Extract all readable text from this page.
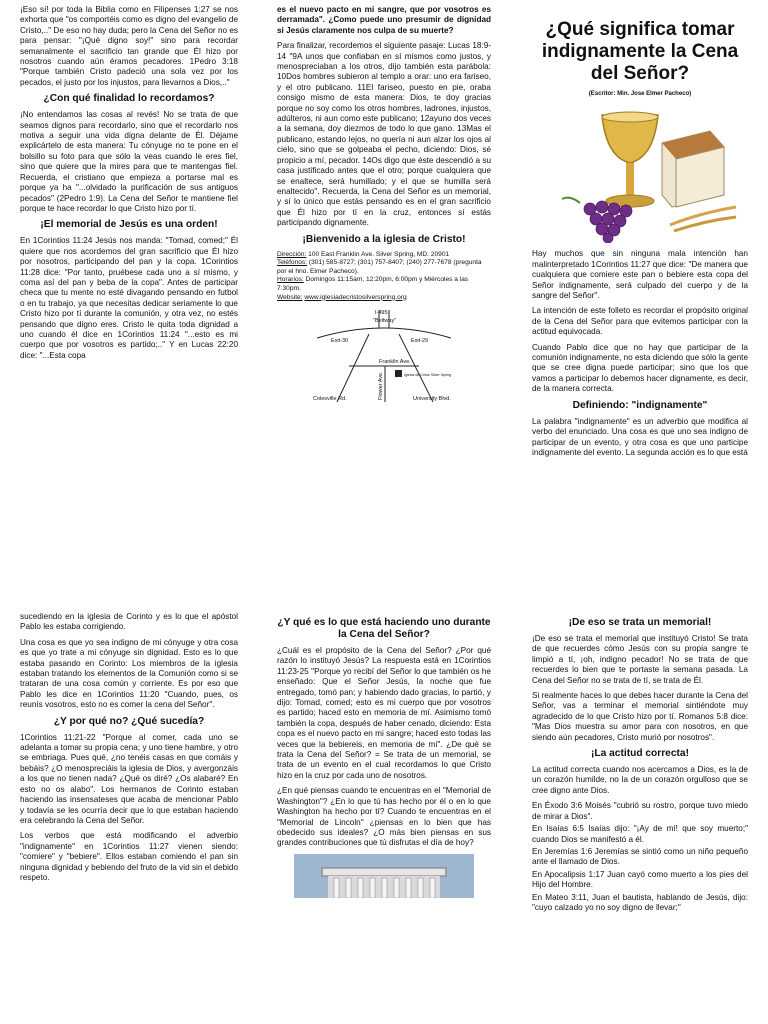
¡Eso sí! por toda la Biblia como en Filipenses 1:27 se nos exhorta que "os comportéis como es digno del evangelio de Cristo,.." De eso no hay duda; pero la Cena del Señor no es para pensar: "¡Qué digno soy!" sino para recordar semanalmente el sacrificio tan grande que Él hizo por nosotros cuando aún éramos pecadores. 1Pedro 3:18 "Porque también Cristo padeció una sola vez por los pecados, el justo por los injustos, para llevarnos a Dios,.."

¿Con qué finalidad lo recordamos?

¡No entendamos las cosas al revés! No se trata de que seamos dignos para recordarlo, sino que el recordarlo nos motiva a seguir una vida digna delante de Él. Déjame explicártelo de esta manera: Tu cónyuge no te pone en el bolsillo su foto para que sólo la veas cuando le eres fiel, sino que quiere que la mires para que te mantengas fiel. Recuerda, el cristiano que empieza a portarse mal es porque ya ha "...olvidado la purificación de sus antiguos pecados" (2Pedro 1:9). La Cena del Señor te mantiene fiel porque te hace recordar lo que Cristo hizo por tí.

¡El memorial de Jesús es una orden!

En 1Corintios 11:24 Jesús nos manda: "Tomad, comed;" Él quiere que nos acordemos del gran sacrificio que Él hizo por nosotros, participando del pan y la copa. 1Corintios 11:28 dice: "Por tanto, pruébese cada uno a sí mismo, y coma así del pan y beba de la copa". Antes de participar checa que tu mente no esté divagando pensando en futbol o en tu trabajo, ya que necesitas dedicar seriamente lo que Cristo hizo por tí durante la comunión, y otra vez, no estés pensando que digno eres. Cristo le quita toda dignidad a uno cuando él dice en 1Corintios 11:24 "...esto es mi cuerpo que por vosotros es partido;.." Y en Lucas 22:20 dice: "...Esta copa

es el nuevo pacto en mi sangre, que por vosotros es derramada". ¿Como puede uno presumir de dignidad si Jesús claramente nos culpa de su muerte?

Para finalizar, recordemos el siguiente pasaje: Lucas 18:9-14 "9A unos que confiaban en sí mismos como justos, y menospreciaban a los otros, dijo también esta parábola: 10Dos hombres subieron al templo a orar: uno era fariseo, y el otro publicano. 11El fariseo, puesto en pie, oraba consigo mismo de esta manera: Dios, te doy gracias porque no soy como los otros hombres, ladrones, injustos, adúlteros, ni aun como este publicano; 12ayuno dos veces a la semana, doy diezmos de todo lo que gano. 13Mas el publicano, estando lejos, no quería ni aun alzar los ojos al cielo, sino que se golpeaba el pecho, diciendo: Dios, sé propicio a mí, pecador. 14Os digo que éste descendió a su casa justificado antes que el otro; porque cualquiera que se enaltece, será humillado; y el que se humilla será enaltecido". Recuerda, la Cena del Señor es un memorial, y sí lo único que estás pensando es en el gran sacrificio que Él hizo por tí en la cruz, entonces sí estás participando dignamente.

¡Bienvenido a la iglesia de Cristo!
Dirección: 100 East Franklin Ave. Silver Spring, MD. 20901
Teléfonos: (301) 585-8727; (301) 757-8407; (240) 277-7678 (pregunta por el hno. Elmer Pacheco).
Horarios: Domingos 11:15am, 12:20pm, 6:00pm y Miércoles a las 7:30pm.
Website: www.iglesiadecristosilverspring.org
I-495
"Beltway"
Exit-30	Exit-29
Franklin Ave.
Iglesia de Cristo Silver Spring
Flower Ave.
Colesville Rd.	University Blvd.
¿Qué significa tomar indignamente la Cena del Señor?
(Escritor: Min. Jose Elmer Pacheco)

Hay muchos que sin ninguna mala intención han malinterpretado 1Corintios 11:27 que dice: "De manera que cualquiera que comiere este pan o bebiere esta copa del Señor indignamente, será culpado del cuerpo y de la sangre del Señor".

La intención de este folleto es recordar el propósito original de la Cena del Señor para que evitemos participar con la actitud equivocada.

Cuando Pablo dice que no hay que participar de la comunión indignamente, no esta diciendo que sólo la gente que se cree digna puede participar; sino que los que vamos a participar lo debemos hacer dignamente, es decir, de la manera correcta.

Definiendo: "indignamente"

La palabra "indignamente" es un adverbio que modifica al verbo del enunciado. Una cosa es que uno sea indigno de participar de un evento, y otra cosa es que uno participe indignamente del evento. La segunda acción es lo que está

sucediendo en la iglesia de Corinto y es lo que el apóstol Pablo les estaba corrigiendo.

Una cosa es que yo sea indigno de mi cónyuge y otra cosa es que yo trate a mi cónyuge sin dignidad. Esto es lo que estaba pasando en Corinto: Los miembros de la iglesia estaban tratando los elementos de la Comunión como si se trataran de una cosa común y corriente. Es por eso que Pablo les dice en 1Corintios 11:20 "Cuando, pues, os reunís vosotros, esto no es comer la cena del Señor".

¿Y por qué no? ¿Qué sucedía?

1Corintios 11:21-22 "Porque al comer, cada uno se adelanta a tomar su propia cena; y uno tiene hambre, y otro se embriaga. Pues qué, ¿no tenéis casas en que comáis y bebáis? ¿O menospreciáis la iglesia de Dios, y avergonzáis a los que no tienen nada? ¿Qué os diré? ¿Os alabaré? En esto no os alabo". Los hermanos de Corinto estaban haciendo las insensateses que acaba de mencionar Pablo y todavía se les ocurría decir que lo que estaban haciendo era celebrando la Cena del Señor.

Los verbos que está modificando el adverbio "indignamente" en 1Corintios 11:27 vienen siendo: "comiere" y "bebiere". Ellos estaban comiendo el pan sin ninguna dignidad y bebiendo del fruto de la vid sin el debido respeto.

¿Y qué es lo que está haciendo uno durante la Cena del Señor?

¿Cuál es el propósito de la Cena del Señor? ¿Por qué razón lo instituyó Jesús? La respuesta está en 1Corintios 11:23-25 "Porque yo recibí del Señor lo que también os he enseñado: Que el Señor Jesús, la noche que fue entregado, tomó pan; y habiendo dado gracias, lo partió, y dijo: Tomad, comed; esto es mi cuerpo que por vosotros es partido; haced esto en memoria de mí. Asimismo tomó también la copa, después de haber cenado, diciendo: Esta copa es el nuevo pacto en mi sangre; haced esto todas las veces que la bebiereis, en memoria de mí". ¿De qué se trata la Cena del Señor? = Se trata de un memorial, se trata de un evento en el cual recordamos lo que Cristo hizo en la cruz por cada uno de nosotros.

¿En qué piensas cuando te encuentras en el "Memorial de Washington"? ¿En lo que tú has hecho por él o en lo que Washington ha hecho por tí? Cuando te encuentras en el "Memorial de Lincoln" ¿piensas en lo bien que has obedecido sus ideales? ¿O más bien piensas en sus grandes contribuciones que tú disfrutas el día de hoy?

¡De eso se trata un memorial!

¡De eso se trata el memorial que instituyó Cristo! Se trata de que recuerdes cómo Jesús con su propia sangre te limpió a tí, ¡oh, indigno pecador! No se trata de que recuerdes lo bien que te portaste la semana pasada. La Cena del Señor no se trata de tí, se trata de Él.

Si realmente haces lo que debes hacer durante la Cena del Señor, vas a terminar el memorial sintiéndote muy agradecido de lo que Cristo hizo por tí. Romanos 5:8 dice: "Mas Dios muestra su amor para con nosotros, en que siendo aún pecadores, Cristo murió por nosotros".

¡La actitud correcta!

La actitud correcta cuando nos acercamos a Dios, es la de un corazón humilde, no la de un corazón orgulloso que se cree digno ante Dios.

En Éxodo 3:6 Moisés "cubrió su rostro, porque tuvo miedo de mirar a Dios".

En Isaías 6:5 Isaías dijo: "¡Ay de mí! que soy muerto;" cuando Dios se manifestó a él.

En Jeremías 1:6 Jeremías se sintió como un niño pequeño ante el llamado de Dios.

En Apocalipsis 1:17 Juan cayó como muerto a los pies del Hijo del Hombre.

En Mateo 3:11, Juan el bautista, hablando de Jesús, dijo: "cuyo calzado yo no soy digno de llevar;"
